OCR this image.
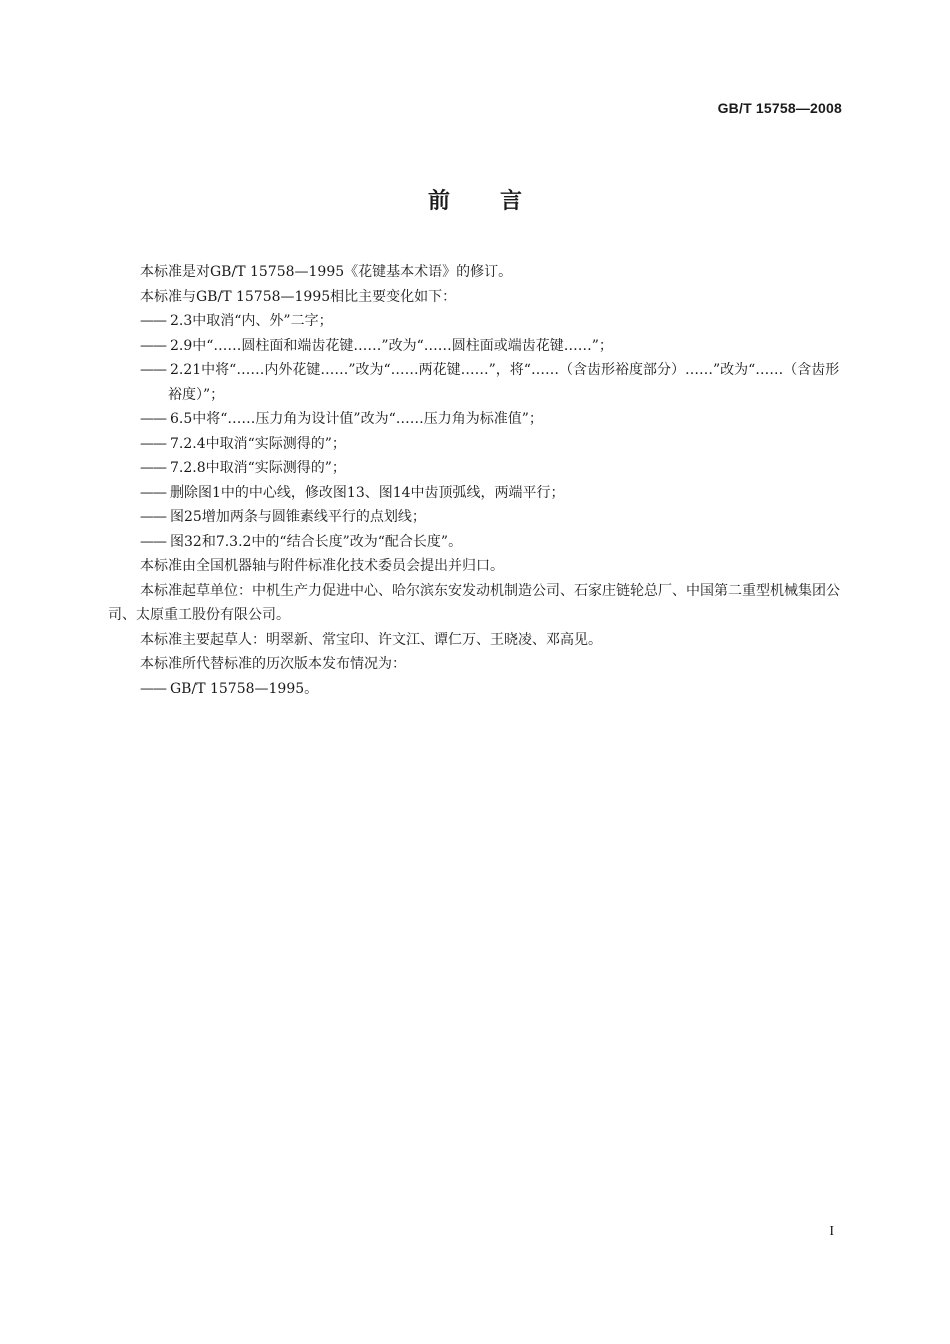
GB/T 15758—2008
前言

本标准是对GB/T 15758—1995《花键基本术语》的修订。

本标准与GB/T 15758—1995相比主要变化如下：

—— 2.3中取消“内、外”二字；

—— 2.9中“……圆柱面和端齿花键……”改为“……圆柱面或端齿花键……”；

—— 2.21中将“……内外花键……”改为“……两花键……”，将“……（含齿形裕度部分）……”改为“……（含齿形裕度）”；

—— 6.5中将“……压力角为设计值”改为“……压力角为标准值”；

—— 7.2.4中取消“实际测得的”；

—— 7.2.8中取消“实际测得的”；

—— 删除图1中的中心线，修改图13、图14中齿顶弧线，两端平行；

—— 图25增加两条与圆锥素线平行的点划线；

—— 图32和7.3.2中的“结合长度”改为“配合长度”。

本标准由全国机器轴与附件标准化技术委员会提出并归口。

本标准起草单位：中机生产力促进中心、哈尔滨东安发动机制造公司、石家庄链轮总厂、中国第二重型机械集团公司、太原重工股份有限公司。

本标准主要起草人：明翠新、常宝印、许文江、谭仁万、王晓凌、邓高见。

本标准所代替标准的历次版本发布情况为：

—— GB/T 15758—1995。

I
